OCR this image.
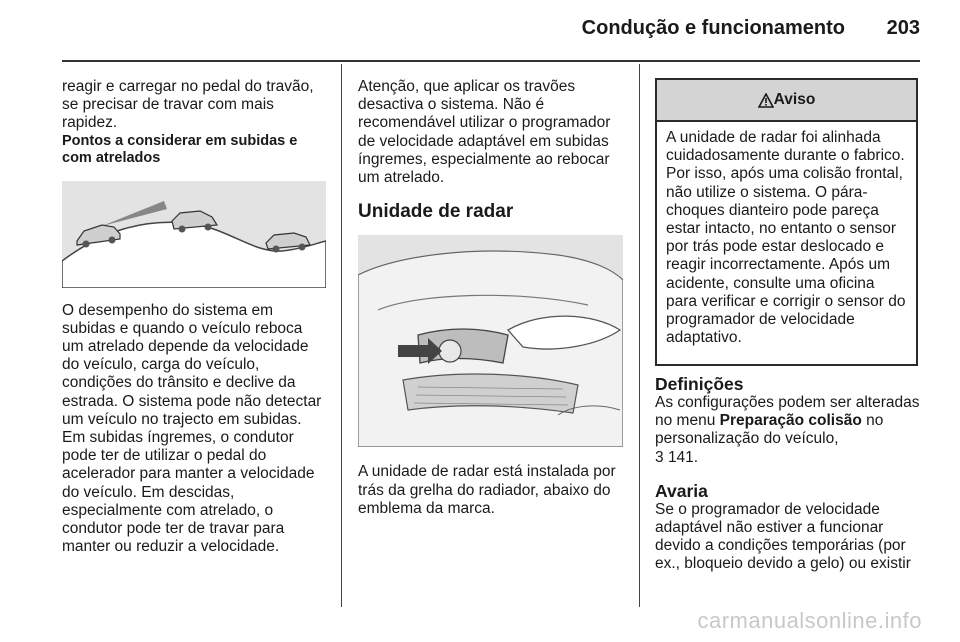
Condução e funcionamento 203

reagir e carregar no pedal do travão, se precisar de travar com mais rapidez.

Pontos a considerar em subidas e com atrelados

O desempenho do sistema em subidas e quando o veículo reboca um atrelado depende da velocidade do veículo, carga do veículo, condições do trânsito e declive da estrada. O sistema pode não detectar um veículo no trajecto em subidas. Em subidas íngremes, o condutor pode ter de utilizar o pedal do acelerador para manter a velocidade do veículo. Em descidas, especialmente com atrelado, o condutor pode ter de travar para manter ou reduzir a velocidade.

Atenção, que aplicar os travões desactiva o sistema. Não é recomendável utilizar o programador de velocidade adaptável em subidas íngremes, especialmente ao rebocar um atrelado.

Unidade de radar

A unidade de radar está instalada por trás da grelha do radiador, abaixo do emblema da marca.

Aviso
A unidade de radar foi alinhada cuidadosamente durante o fabrico. Por isso, após uma colisão frontal, não utilize o sistema. O pára-choques dianteiro pode pareça estar intacto, no entanto o sensor por trás pode estar deslocado e reagir incorrectamente. Após um acidente, consulte uma oficina para verificar e corrigir o sensor do programador de velocidade adaptativo.
Definições

As configurações podem ser alteradas no menu Preparação colisão no personalização do veículo,
3 141.

Avaria

Se o programador de velocidade adaptável não estiver a funcionar devido a condições temporárias (por ex., bloqueio devido a gelo) ou existir

carmanualsonline.info
